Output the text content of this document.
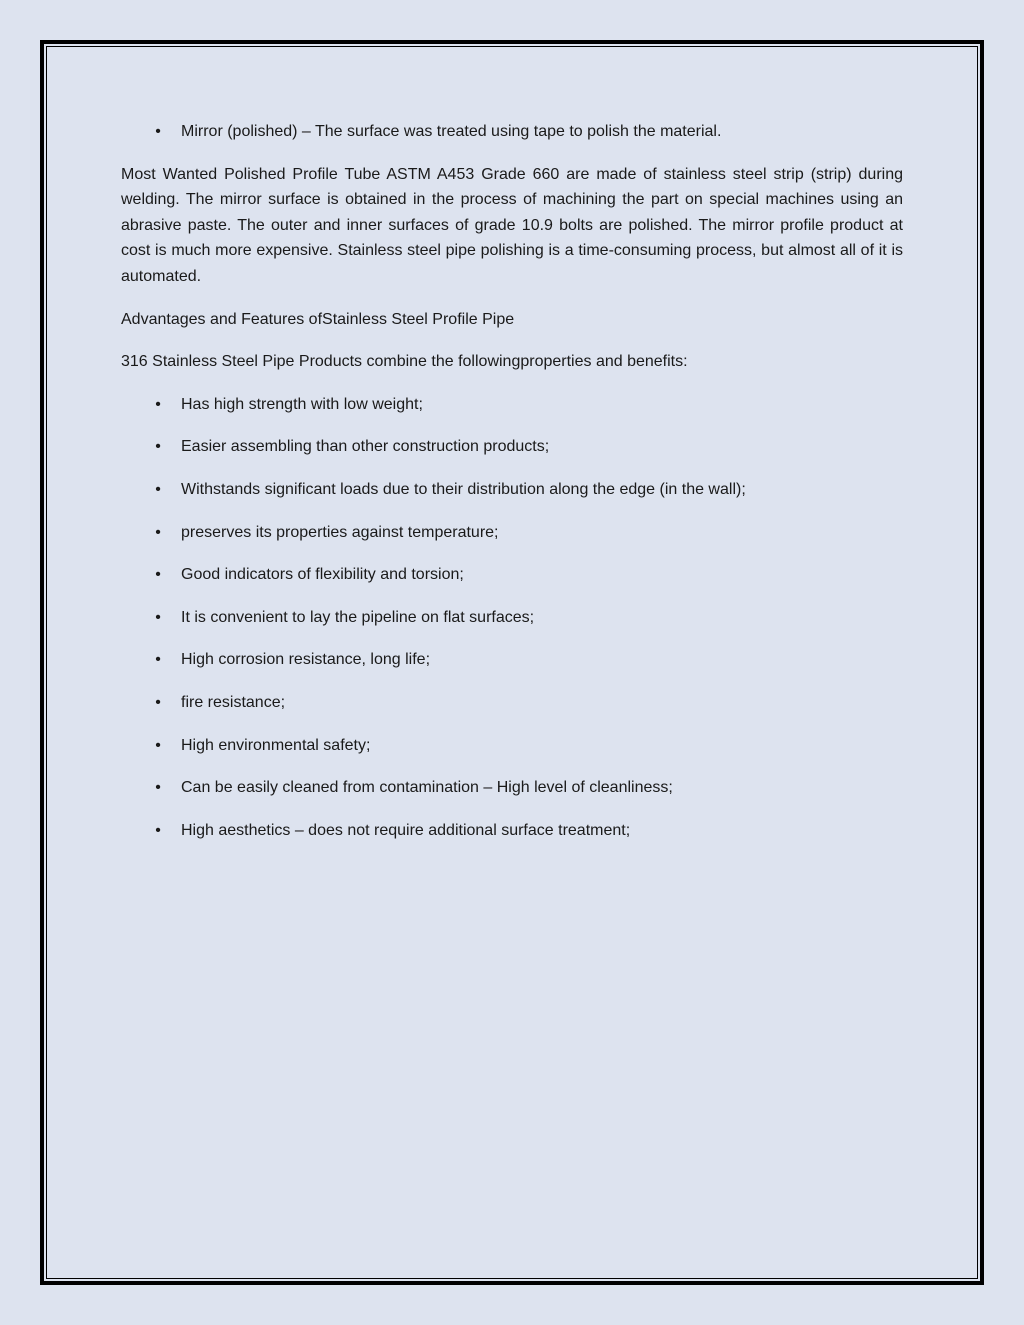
• Mirror (polished) – The surface was treated using tape to polish the material.

Most Wanted Polished Profile Tube ASTM A453 Grade 660 are made of stainless steel strip (strip) during welding. The mirror surface is obtained in the process of machining the part on special machines using an abrasive paste. The outer and inner surfaces of grade 10.9 bolts are polished. The mirror profile product at cost is much more expensive. Stainless steel pipe polishing is a time-consuming process, but almost all of it is automated.

Advantages and Features ofStainless Steel Profile Pipe

316 Stainless Steel Pipe Products combine the followingproperties and benefits:

• Has high strength with low weight;
• Easier assembling than other construction products;
• Withstands significant loads due to their distribution along the edge (in the wall);
• preserves its properties against temperature;
• Good indicators of flexibility and torsion;
• It is convenient to lay the pipeline on flat surfaces;
• High corrosion resistance, long life;
• fire resistance;
• High environmental safety;
• Can be easily cleaned from contamination – High level of cleanliness;
• High aesthetics – does not require additional surface treatment;
